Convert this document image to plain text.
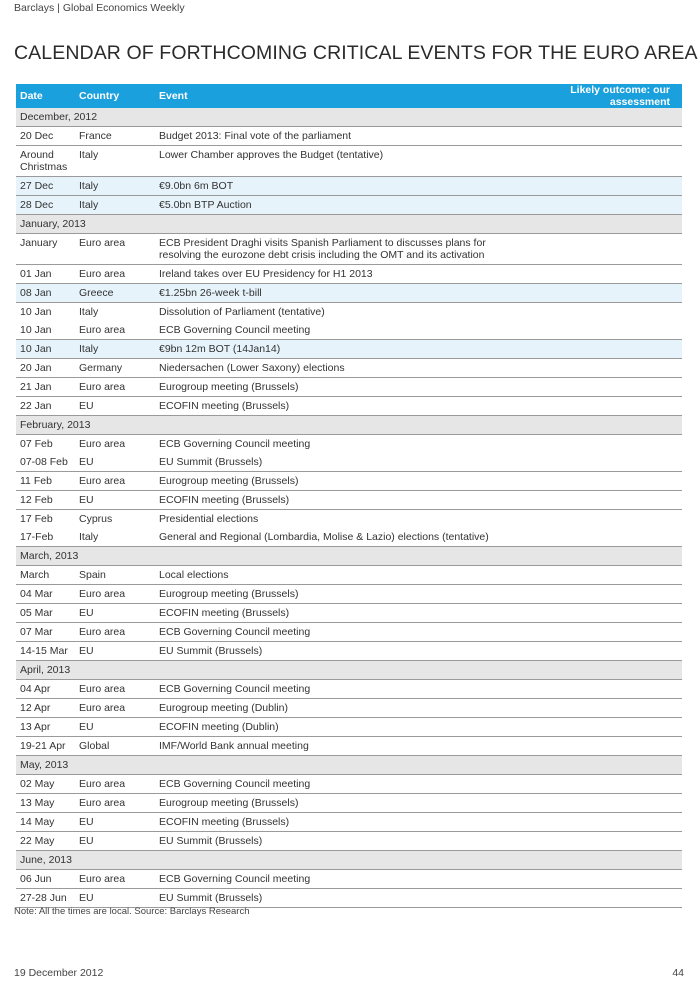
Barclays | Global Economics Weekly
CALENDAR OF FORTHCOMING CRITICAL EVENTS FOR THE EURO AREA
Date	Country	Event	Likely outcome: our assessment
December, 2012			
20 Dec	France	Budget 2013: Final vote of the parliament	
Around Christmas	Italy	Lower Chamber approves the Budget (tentative)	
27 Dec	Italy	€9.0bn 6m BOT	
28 Dec	Italy	€5.0bn BTP Auction	
January, 2013			
January	Euro area	ECB President Draghi visits Spanish Parliament to discusses plans for resolving the eurozone debt crisis including the OMT and its activation	
01 Jan	Euro area	Ireland takes over EU Presidency for H1 2013	
08 Jan	Greece	€1.25bn 26-week t-bill	
10 Jan	Italy	Dissolution of Parliament (tentative)	
10 Jan	Euro area	ECB Governing Council meeting	
10 Jan	Italy	€9bn 12m BOT (14Jan14)	
20 Jan	Germany	Niedersachen (Lower Saxony) elections	
21 Jan	Euro area	Eurogroup meeting (Brussels)	
22 Jan	EU	ECOFIN meeting (Brussels)	
February, 2013			
07 Feb	Euro area	ECB Governing Council meeting	
07-08 Feb	EU	EU Summit (Brussels)	
11 Feb	Euro area	Eurogroup meeting (Brussels)	
12 Feb	EU	ECOFIN meeting (Brussels)	
17 Feb	Cyprus	Presidential elections	
17-Feb	Italy	General and Regional (Lombardia, Molise & Lazio) elections (tentative)	
March, 2013			
March	Spain	Local elections	
04 Mar	Euro area	Eurogroup meeting (Brussels)	
05 Mar	EU	ECOFIN meeting (Brussels)	
07 Mar	Euro area	ECB Governing Council meeting	
14-15 Mar	EU	EU Summit (Brussels)	
April, 2013			
04 Apr	Euro area	ECB Governing Council meeting	
12 Apr	Euro area	Eurogroup meeting (Dublin)	
13 Apr	EU	ECOFIN meeting (Dublin)	
19-21 Apr	Global	IMF/World Bank annual meeting	
May, 2013			
02 May	Euro area	ECB Governing Council meeting	
13 May	Euro area	Eurogroup meeting (Brussels)	
14 May	EU	ECOFIN meeting (Brussels)	
22 May	EU	EU Summit (Brussels)	
June, 2013			
06 Jun	Euro area	ECB Governing Council meeting	
27-28 Jun	EU	EU Summit (Brussels)	
Note: All the times are local. Source: Barclays Research
19 December 2012	44
